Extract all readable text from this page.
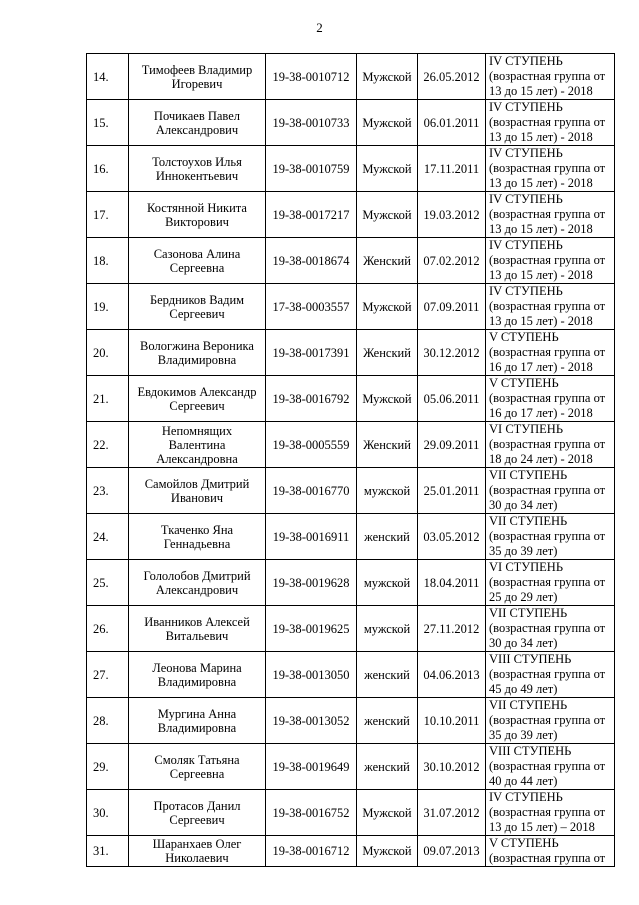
2
14.	Тимофеев Владимир Игоревич	19-38-0010712	Мужской	26.05.2012	IV СТУПЕНЬ
(возрастная группа от
13 до 15 лет) - 2018

15.	Почикаев Павел Александрович	19-38-0010733	Мужской	06.01.2011	IV СТУПЕНЬ
(возрастная группа от
13 до 15 лет) - 2018

16.	Толстоухов Илья Иннокентьевич	19-38-0010759	Мужской	17.11.2011	IV СТУПЕНЬ
(возрастная группа от
13 до 15 лет) - 2018

17.	Костянной Никита Викторович	19-38-0017217	Мужской	19.03.2012	IV СТУПЕНЬ
(возрастная группа от
13 до 15 лет) - 2018

18.	Сазонова Алина Сергеевна	19-38-0018674	Женский	07.02.2012	IV СТУПЕНЬ
(возрастная группа от
13 до 15 лет) - 2018

19.	Бердников Вадим Сергеевич	17-38-0003557	Мужской	07.09.2011	IV СТУПЕНЬ
(возрастная группа от
13 до 15 лет) - 2018

20.	Вологжина Вероника Владимировна	19-38-0017391	Женский	30.12.2012	V СТУПЕНЬ
(возрастная группа от
16 до 17 лет) - 2018

21.	Евдокимов Александр Сергеевич	19-38-0016792	Мужской	05.06.2011	V СТУПЕНЬ
(возрастная группа от
16 до 17 лет) - 2018

22.	Непомнящих Валентина Александровна	19-38-0005559	Женский	29.09.2011	VI СТУПЕНЬ
(возрастная группа от
18 до 24 лет) - 2018

23.	Самойлов Дмитрий Иванович	19-38-0016770	мужской	25.01.2011	VII СТУПЕНЬ
(возрастная группа от
30 до 34 лет)

24.	Ткаченко Яна Геннадьевна	19-38-0016911	женский	03.05.2012	VII СТУПЕНЬ
(возрастная группа от
35 до 39 лет)

25.	Гололобов Дмитрий Александрович	19-38-0019628	мужской	18.04.2011	VI СТУПЕНЬ
(возрастная группа от
25 до 29 лет)

26.	Иванников Алексей Витальевич	19-38-0019625	мужской	27.11.2012	VII СТУПЕНЬ
(возрастная группа от
30 до 34 лет)

27.	Леонова Марина Владимировна	19-38-0013050	женский	04.06.2013	VIII СТУПЕНЬ
(возрастная группа от
45 до 49 лет)

28.	Мургина Анна Владимировна	19-38-0013052	женский	10.10.2011	VII СТУПЕНЬ
(возрастная группа от
35 до 39 лет)

29.	Смоляк Татьяна Сергеевна	19-38-0019649	женский	30.10.2012	VIII СТУПЕНЬ
(возрастная группа от
40 до 44 лет)

30.	Протасов Данил Сергеевич	19-38-0016752	Мужской	31.07.2012	IV СТУПЕНЬ
(возрастная группа от
13 до 15 лет) – 2018

31.	Шаранхаев Олег Николаевич	19-38-0016712	Мужской	09.07.2013	V СТУПЕНЬ
(возрастная группа от
